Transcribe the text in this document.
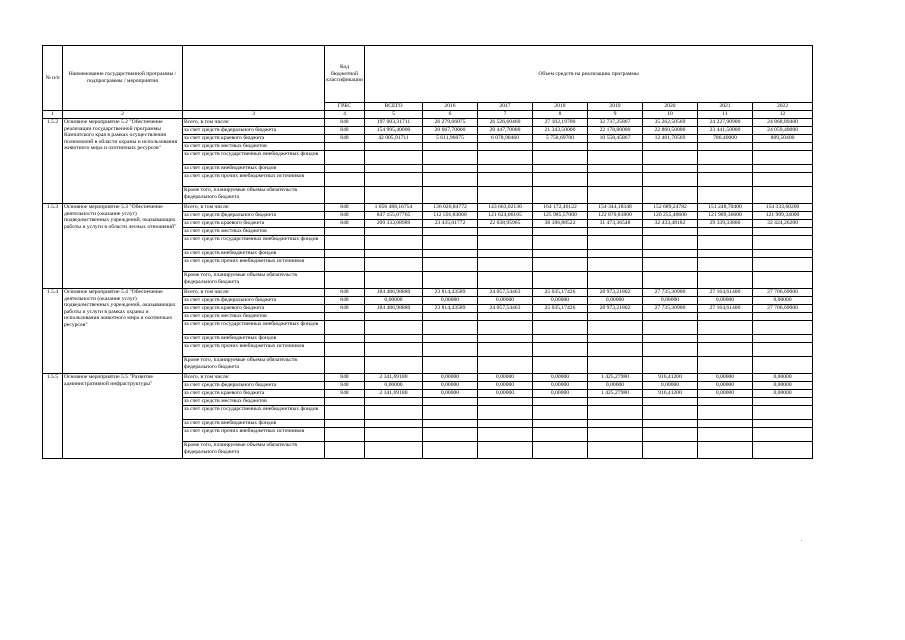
№ п/п	Наименование государственной программы / подпрограммы / мероприятия		Код бюджетной классификации	Объем средств на реализацию программы							
			ГРБС	ВСЕГО	2016	2017	2018	2019	2020	2021	2022
1	2	3	4	5	6	7	8	9	10	11	12
1.5.2	Основное мероприятие 5.2 "Обеспечение реализации государственной программы Камчатского края в рамках осуществления полномочий в области охраны и использования животного мира и охотничьих ресурсов"	Всего, в том числе:	848	197 003,31711	26 279,66075	26 526,60460	27 102,19700	32 737,25867	35 262,50569	24 227,90900	24 868,89400
		за счет средств федерального бюджета	848	154 995,40000	20 667,70000	20 447,70000	21 343,50000	22 178,80000	22 860,50000	23 441,50000	24 059,40000
		за счет средств краевого бюджета	848	42 005,91711	5 611,96075	6 078,90460	5 758,69700	10 558,45867	12 401,70569	786,40000	809,50400
		за счет средств местных бюджетов									
		за счет средств государственных внебюджетных фондов									
		за счет средств внебюджетных фондов									
		за счет средств прочих внебюджетных источников									
		Кроме того, планируемые объемы обязательств федерального бюджета									
1.5.3	Основное мероприятие 5.3 "Обеспечение деятельности (оказание услуг) подведомственных учреждений, оказывающих работы и услуги в области лесных отношений"	Всего, в том числе:	848	1 056 488,16754	136 026,84772	143 663,02130	164 172,46122	154 344,18348	152 689,24782	151 248,70400	154 333,60200
		за счет средств федерального бюджета	848	847 155,07765	112 591,83000	121 624,06165	125 985,57000	122 870,81800	120 255,40600	121 909,36600	121 909,34000
		за счет средств краевого бюджета	848	209 333,08989	23 435,01772	22 038,95965	38 186,88522	31 473,36548	32 433,48182	29 339,33800	32 424,26200
		за счет средств местных бюджетов									
		за счет средств государственных внебюджетных фондов									
		за счет средств внебюджетных фондов									
		за счет средств прочих внебюджетных источников									
		Кроме того, планируемые объемы обязательств федерального бюджета									
1.5.4	Основное мероприятие 5.4 "Обеспечение деятельности (оказание услуг) подведомственных учреждений, оказывающих работы и услуги в рамках охраны и использования животного мира и охотничьих ресурсов"	Всего, в том числе:	848	184 486,98880	23 814,43589	24 057,54463	25 035,17426	28 973,21802	27 735,30900	27 164,61400	27 706,69000
		за счет средств федерального бюджета	848	0,00000	0,00000	0,00000	0,00000	0,00000	0,00000	0,00000	0,00000
		за счет средств краевого бюджета	848	184 486,98880	23 814,43589	24 057,54463	25 035,17426	28 973,21802	27 735,30900	27 164,61400	27 706,69000
		за счет средств местных бюджетов									
		за счет средств государственных внебюджетных фондов									
		за счет средств внебюджетных фондов									
		за счет средств прочих внебюджетных источников									
		Кроме того, планируемые объемы обязательств федерального бюджета									
1.5.5	Основное мероприятие 5.5 "Развитие административной инфраструктуры"	Всего, в том числе:	848	2 341,69180	0,00000	0,00000	0,00000	1 425,27980	916,41200	0,00000	0,00000
		за счет средств федерального бюджета	848	0,00000	0,00000	0,00000	0,00000	0,00000	0,00000	0,00000	0,00000
		за счет средств краевого бюджета	848	2 341,69180	0,00000	0,00000	0,00000	1 425,27980	916,41200	0,00000	0,00000
		за счет средств местных бюджетов									
		за счет средств государственных внебюджетных фондов									
		за счет средств внебюджетных фондов									
		за счет средств прочих внебюджетных источников									
		Кроме того, планируемые объемы обязательств федерального бюджета									
.
